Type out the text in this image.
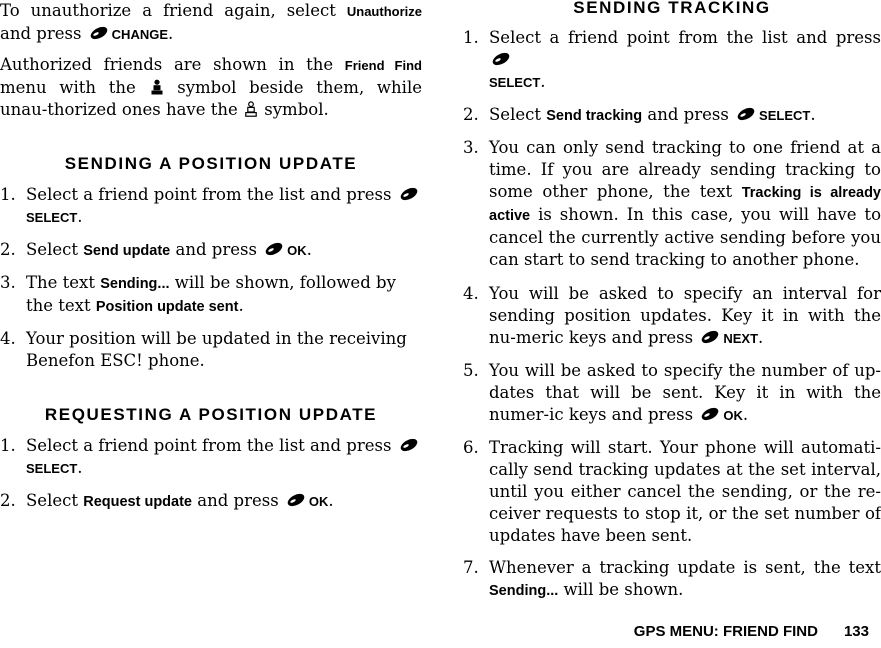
To unauthorize a friend again, select Unauthorize and press CHANGE.

Authorized friends are shown in the Friend Find menu with the  symbol beside them, while unau-thorized ones have the  symbol.

SENDING A POSITION UPDATE
1. Select a friend point from the list and press
SELECT.
2. Select Send update and press OK.
3. The text Sending... will be shown, followed by the text Position update sent.
4. Your position will be updated in the receiving Benefon ESC! phone.
REQUESTING A POSITION UPDATE
1. Select a friend point from the list and press
SELECT.
2. Select Request update and press OK.
SENDING TRACKING
1. Select a friend point from the list and press
SELECT.
2. Select Send tracking and press SELECT.
3. You can only send tracking to one friend at a time. If you are already sending tracking to some other phone, the text Tracking is already active is shown. In this case, you will have to cancel the currently active sending before you can start to send tracking to another phone.
4. You will be asked to specify an interval for sending position updates. Key it in with the nu-meric keys and press NEXT.
5. You will be asked to specify the number of up-dates that will be sent. Key it in with the numer-ic keys and press OK.
6. Tracking will start. Your phone will automati-cally send tracking updates at the set interval, until you either cancel the sending, or the re-ceiver requests to stop it, or the set number of updates have been sent.
7. Whenever a tracking update is sent, the text Sending... will be shown.
GPS MENU: FRIEND FIND 133
